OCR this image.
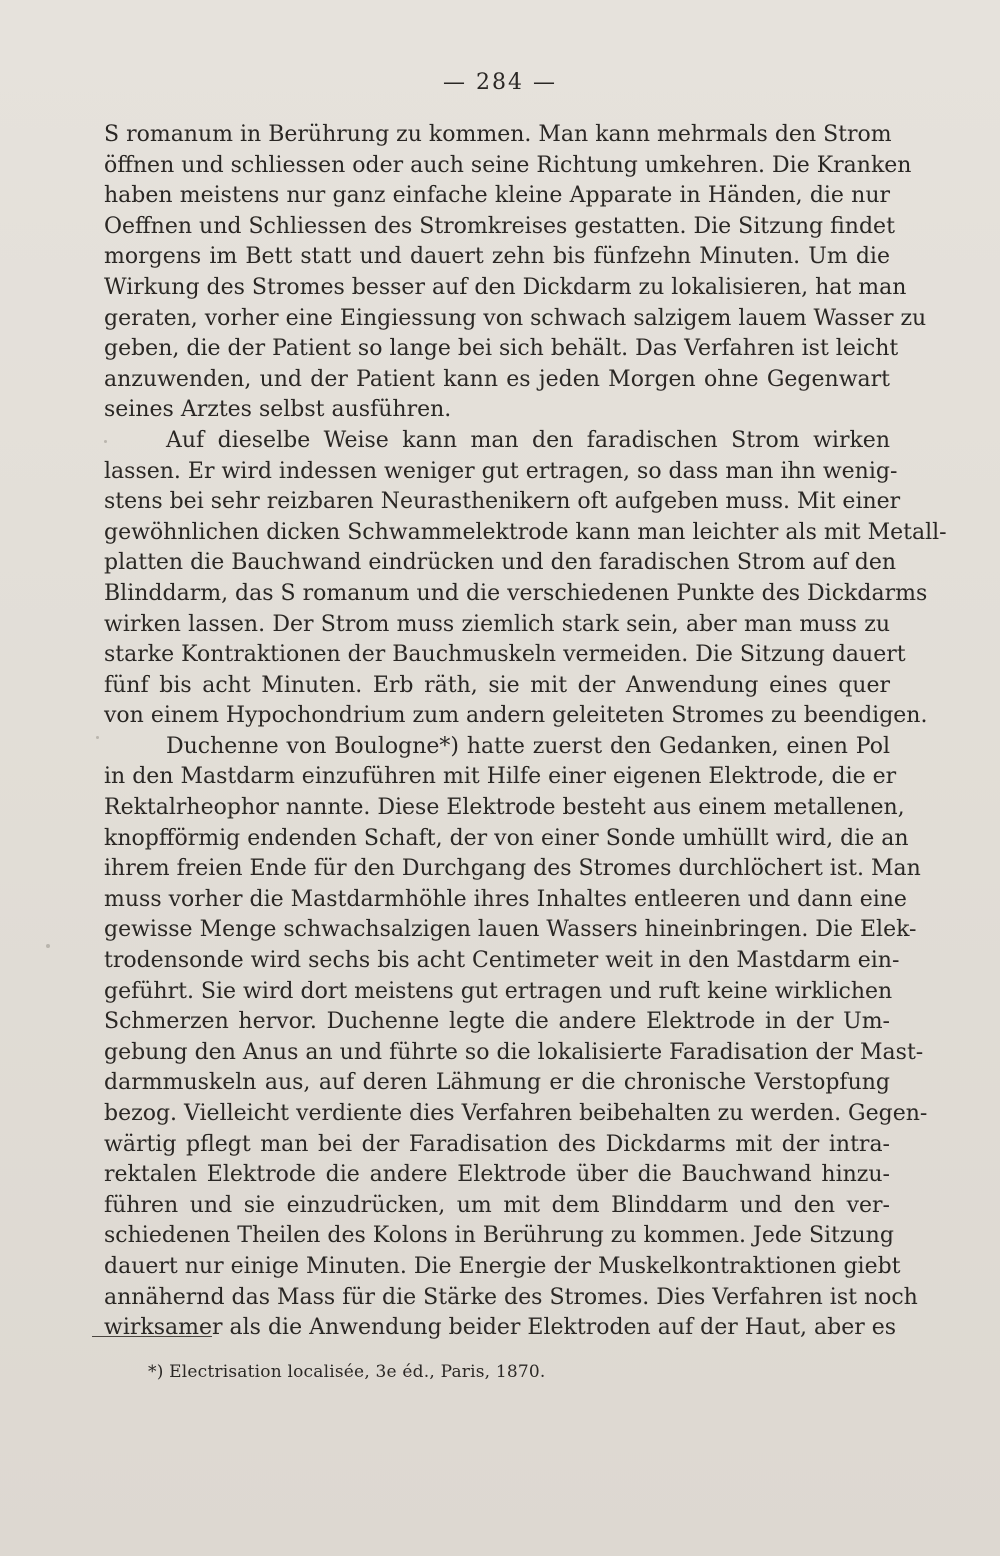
— 284 —
S romanum in Berührung zu kommen. Man kann mehrmals den Strom
öffnen und schliessen oder auch seine Richtung umkehren. Die Kranken
haben meistens nur ganz einfache kleine Apparate in Händen, die nur
Oeffnen und Schliessen des Stromkreises gestatten. Die Sitzung findet
morgens im Bett statt und dauert zehn bis fünfzehn Minuten. Um die
Wirkung des Stromes besser auf den Dickdarm zu lokalisieren, hat man
geraten, vorher eine Eingiessung von schwach salzigem lauem Wasser zu
geben, die der Patient so lange bei sich behält. Das Verfahren ist leicht
anzuwenden, und der Patient kann es jeden Morgen ohne Gegenwart
seines Arztes selbst ausführen.
Auf dieselbe Weise kann man den faradischen Strom wirken
lassen. Er wird indessen weniger gut ertragen, so dass man ihn wenig-
stens bei sehr reizbaren Neurasthenikern oft aufgeben muss. Mit einer
gewöhnlichen dicken Schwammelektrode kann man leichter als mit Metall-
platten die Bauchwand eindrücken und den faradischen Strom auf den
Blinddarm, das S romanum und die verschiedenen Punkte des Dickdarms
wirken lassen. Der Strom muss ziemlich stark sein, aber man muss zu
starke Kontraktionen der Bauchmuskeln vermeiden. Die Sitzung dauert
fünf bis acht Minuten. Erb räth, sie mit der Anwendung eines quer
von einem Hypochondrium zum andern geleiteten Stromes zu beendigen.
Duchenne von Boulogne*) hatte zuerst den Gedanken, einen Pol
in den Mastdarm einzuführen mit Hilfe einer eigenen Elektrode, die er
Rektalrheophor nannte. Diese Elektrode besteht aus einem metallenen,
knopfförmig endenden Schaft, der von einer Sonde umhüllt wird, die an
ihrem freien Ende für den Durchgang des Stromes durchlöchert ist. Man
muss vorher die Mastdarmhöhle ihres Inhaltes entleeren und dann eine
gewisse Menge schwachsalzigen lauen Wassers hineinbringen. Die Elek-
trodensonde wird sechs bis acht Centimeter weit in den Mastdarm ein-
geführt. Sie wird dort meistens gut ertragen und ruft keine wirklichen
Schmerzen hervor. Duchenne legte die andere Elektrode in der Um-
gebung den Anus an und führte so die lokalisierte Faradisation der Mast-
darmmuskeln aus, auf deren Lähmung er die chronische Verstopfung
bezog. Vielleicht verdiente dies Verfahren beibehalten zu werden. Gegen-
wärtig pflegt man bei der Faradisation des Dickdarms mit der intra-
rektalen Elektrode die andere Elektrode über die Bauchwand hinzu-
führen und sie einzudrücken, um mit dem Blinddarm und den ver-
schiedenen Theilen des Kolons in Berührung zu kommen. Jede Sitzung
dauert nur einige Minuten. Die Energie der Muskelkontraktionen giebt
annähernd das Mass für die Stärke des Stromes. Dies Verfahren ist noch
wirksamer als die Anwendung beider Elektroden auf der Haut, aber es
*) Electrisation localisée, 3e éd., Paris, 1870.
